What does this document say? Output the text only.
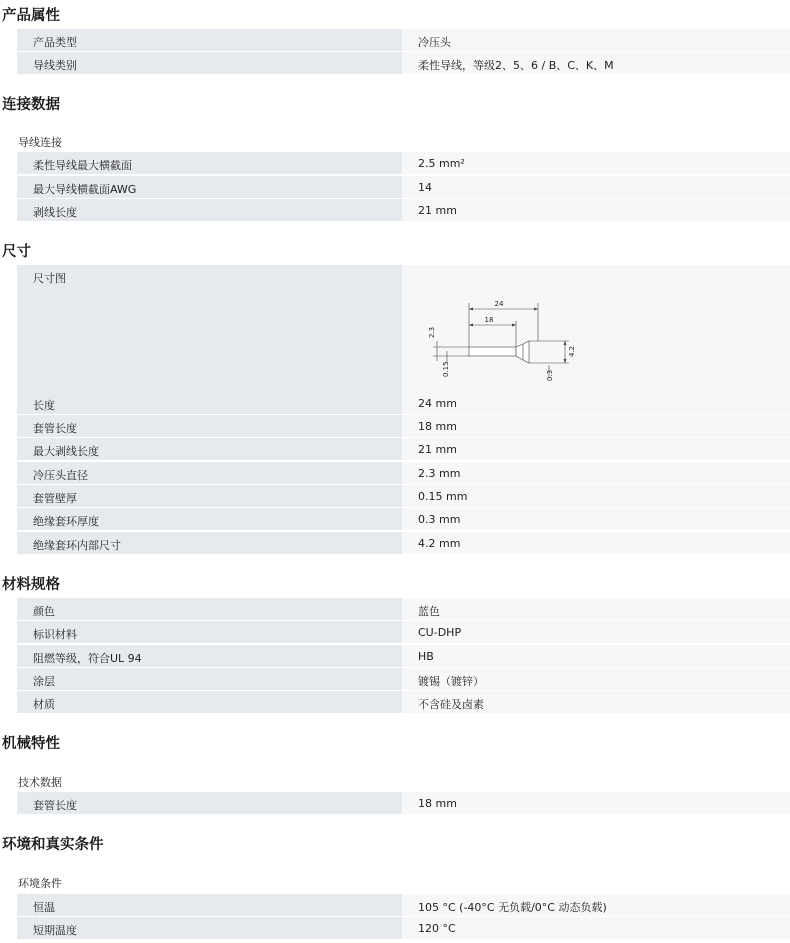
产品属性
产品类型	冷压头
导线类别	柔性导线，等级2、5、6 / B、C、K、M
连接数据
导线连接
柔性导线最大横截面	2.5 mm²
最大导线横截面AWG	14
剥线长度	21 mm
尺寸
尺寸图
24
18
2.3
0.15
4.2
0.3
长度	24 mm
套管长度	18 mm
最大剥线长度	21 mm
冷压头直径	2.3 mm
套管壁厚	0.15 mm
绝缘套环厚度	0.3 mm
绝缘套环内部尺寸	4.2 mm
材料规格
颜色	蓝色
标识材料	CU-DHP
阻燃等级，符合UL 94	HB
涂层	镀锡（镀锌）
材质	不含硅及卤素
机械特性
技术数据
套管长度	18 mm
环境和真实条件
环境条件
恒温	105 °C (-40°C 无负载/0°C 动态负载)
短期温度	120 °C
